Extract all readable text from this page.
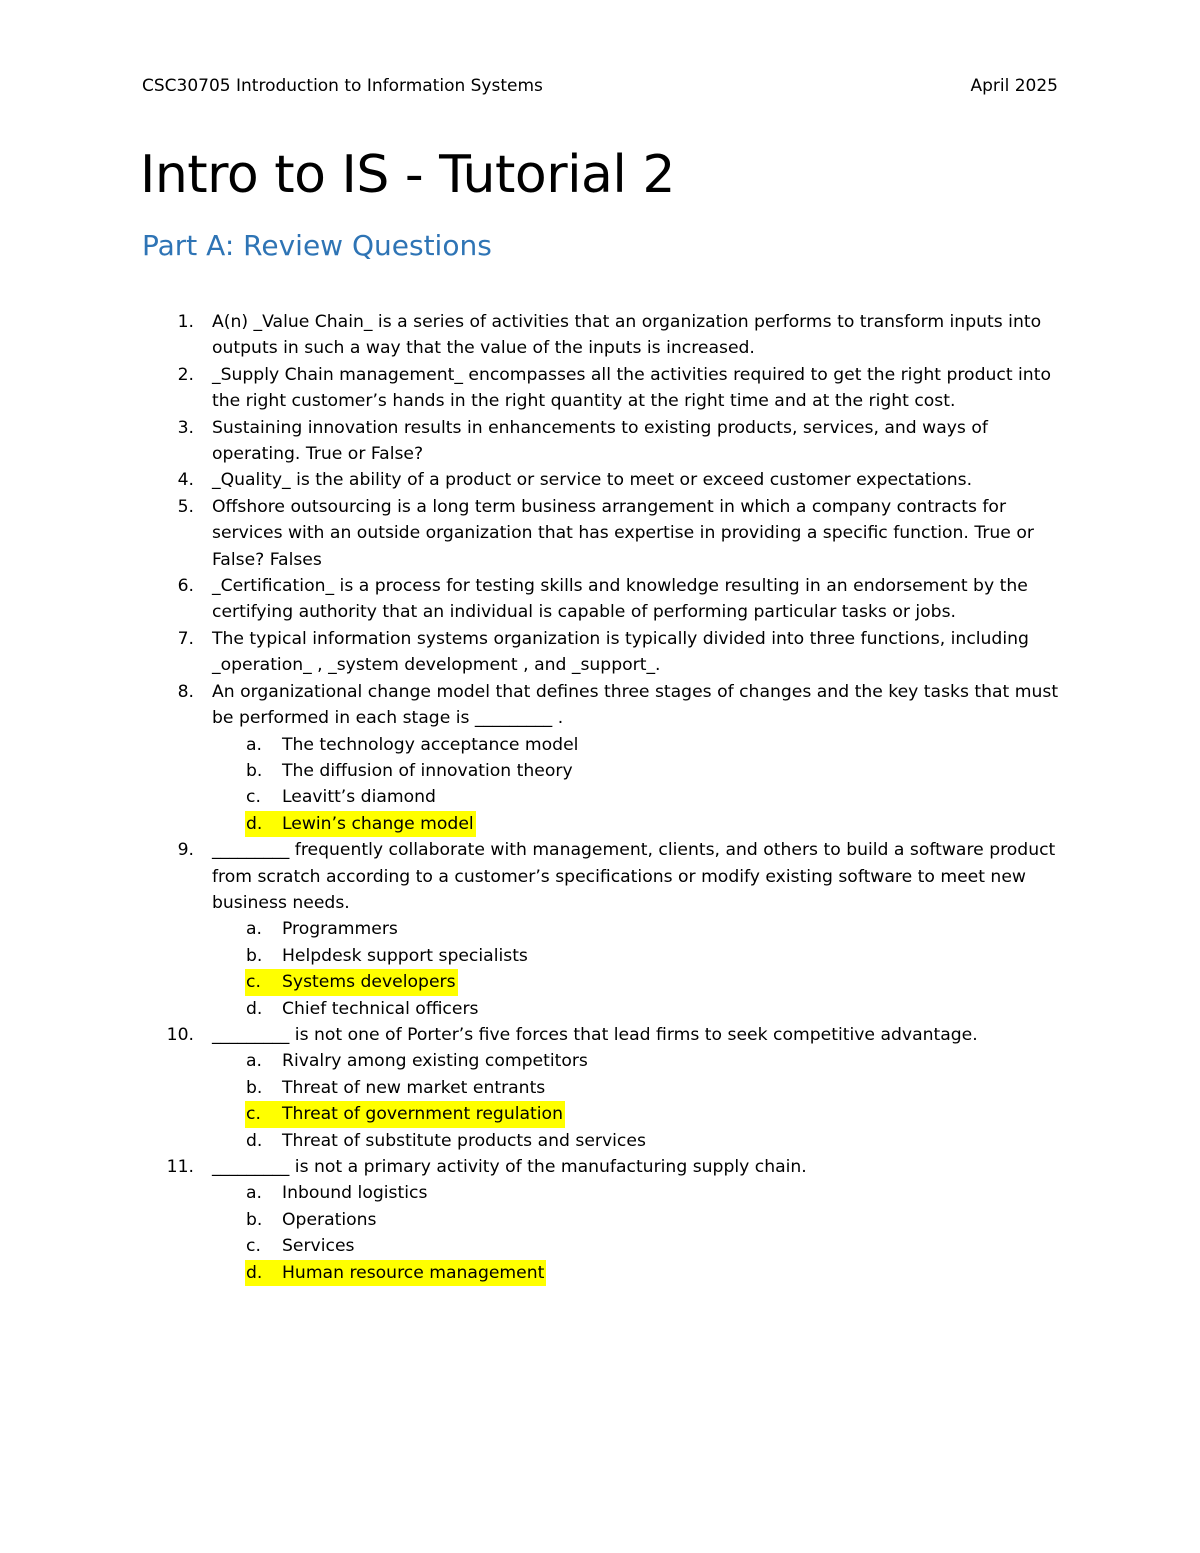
CSC30705 Introduction to Information Systems	April 2025
Intro to IS - Tutorial 2
Part A: Review Questions
1. A(n) _Value Chain_ is a series of activities that an organization performs to transform inputs into outputs in such a way that the value of the inputs is increased.
2. _Supply Chain management_ encompasses all the activities required to get the right product into the right customer’s hands in the right quantity at the right time and at the right cost.
3. Sustaining innovation results in enhancements to existing products, services, and ways of operating. True or False?
4. _Quality_ is the ability of a product or service to meet or exceed customer expectations.
5. Offshore outsourcing is a long term business arrangement in which a company contracts for services with an outside organization that has expertise in providing a specific function. True or False? Falses
6. _Certification_ is a process for testing skills and knowledge resulting in an endorsement by the certifying authority that an individual is capable of performing particular tasks or jobs.
7. The typical information systems organization is typically divided into three functions, including _operation_ , _system development , and _support_.
8. An organizational change model that defines three stages of changes and the key tasks that must be performed in each stage is _________ .
a.	The technology acceptance model
b.	The diffusion of innovation theory
c.	Leavitt’s diamond
d.	Lewin’s change model
9. _________ frequently collaborate with management, clients, and others to build a software product from scratch according to a customer’s specifications or modify existing software to meet new business needs.
a.	Programmers
b.	Helpdesk support specialists
c.	Systems developers
d.	Chief technical officers
10. _________ is not one of Porter’s five forces that lead firms to seek competitive advantage.
a.	Rivalry among existing competitors
b.	Threat of new market entrants
c.	Threat of government regulation
d.	Threat of substitute products and services
11. _________ is not a primary activity of the manufacturing supply chain.
a.	Inbound logistics
b.	Operations
c.	Services
d.	Human resource management
